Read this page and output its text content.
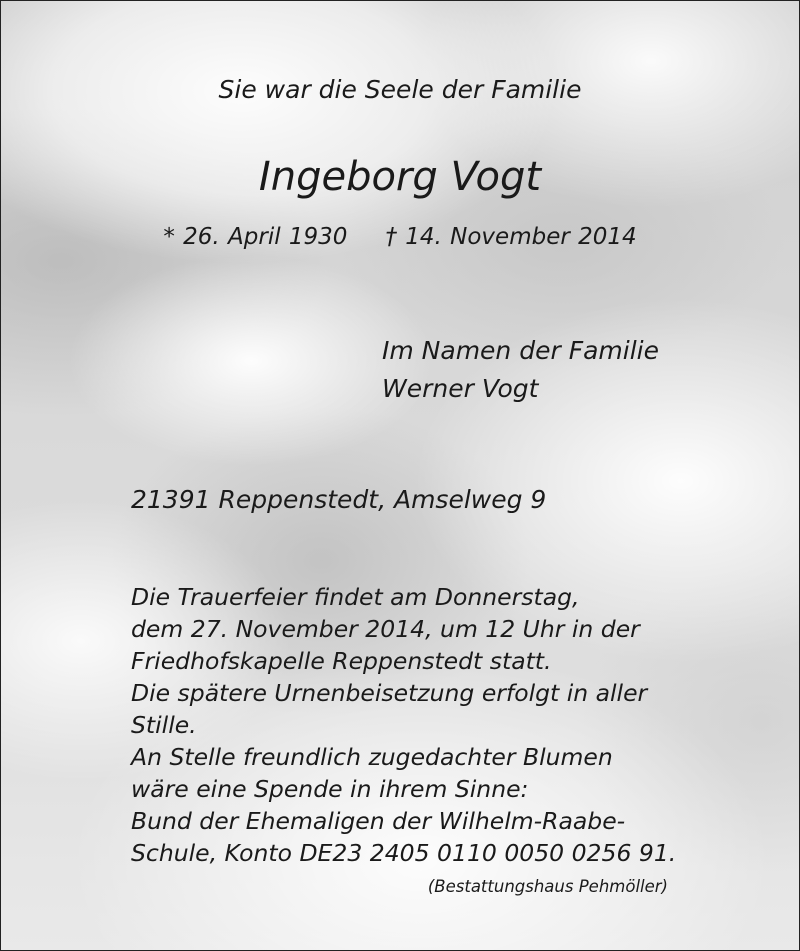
Sie war die Seele der Familie

Ingeborg Vogt

* 26. April 1930 † 14. November 2014

Im Namen der Familie
Werner Vogt

21391 Reppenstedt, Amselweg 9

Die Trauerfeier findet am Donnerstag,
dem 27. November 2014, um 12 Uhr in der
Friedhofskapelle Reppenstedt statt.
Die spätere Urnenbeisetzung erfolgt in aller
Stille.
An Stelle freundlich zugedachter Blumen
wäre eine Spende in ihrem Sinne:
Bund der Ehemaligen der Wilhelm-Raabe-
Schule, Konto DE23 2405 0110 0050 0256 91.

(Bestattungshaus Pehmöller)
